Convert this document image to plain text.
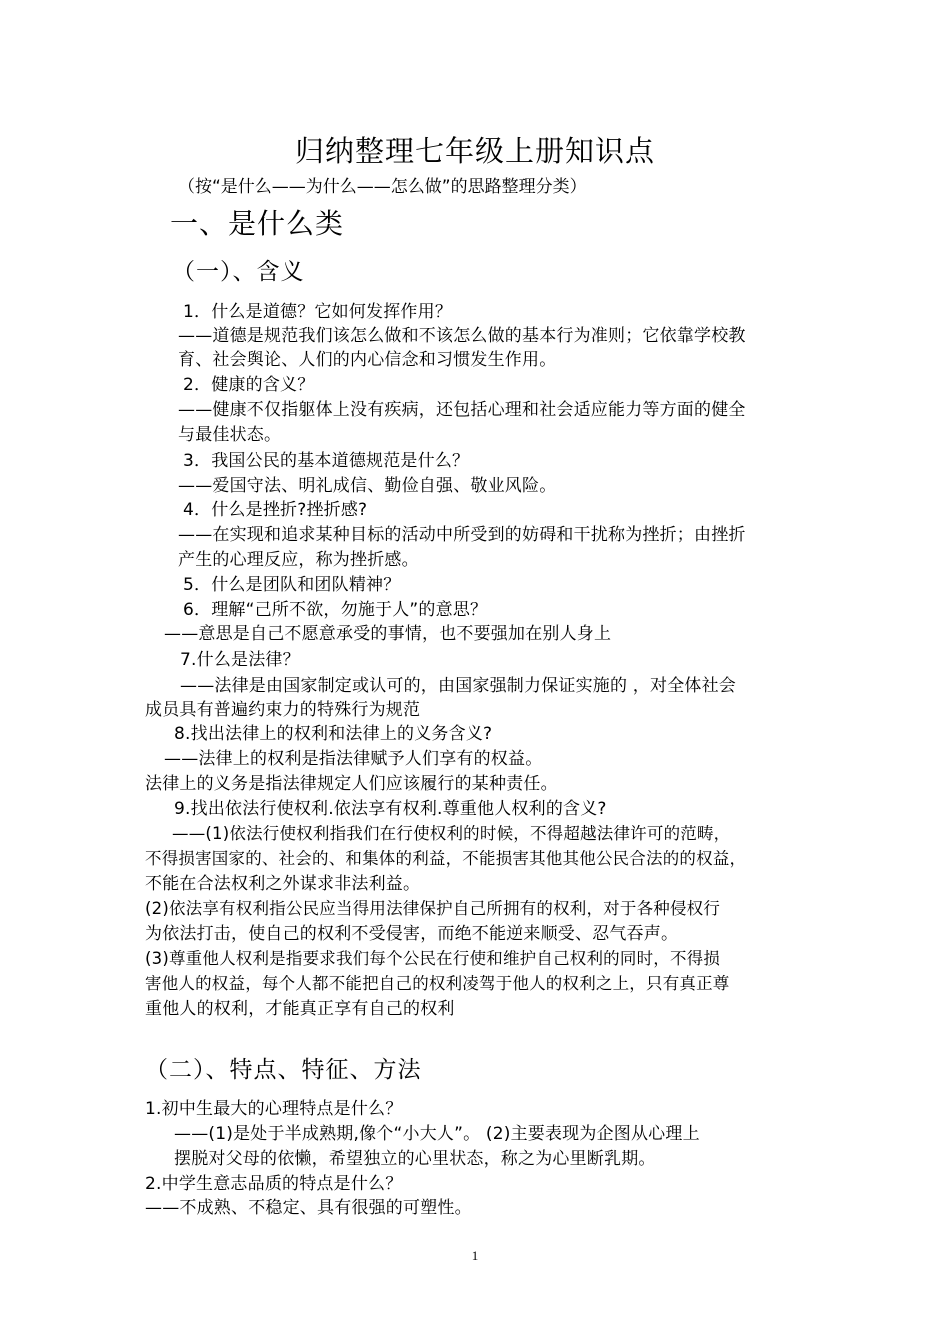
归纳整理七年级上册知识点
（按“是什么——为什么——怎么做”的思路整理分类）
一、是什么类
（一）、含义
1．什么是道德？它如何发挥作用？
——道德是规范我们该怎么做和不该怎么做的基本行为准则；它依靠学校教
育、社会舆论、人们的内心信念和习惯发生作用。
2．健康的含义？
——健康不仅指躯体上没有疾病，还包括心理和社会适应能力等方面的健全
与最佳状态。
3．我国公民的基本道德规范是什么？
——爱国守法、明礼成信、勤俭自强、敬业风险。
4．什么是挫折?挫折感?
——在实现和追求某种目标的活动中所受到的妨碍和干扰称为挫折；由挫折
产生的心理反应，称为挫折感。
5．什么是团队和团队精神？
6．理解“己所不欲，勿施于人”的意思？
——意思是自己不愿意承受的事情，也不要强加在别人身上
7.什么是法律？
——法律是由国家制定或认可的，由国家强制力保证实施的 ，对全体社会
成员具有普遍约束力的特殊行为规范
8.找出法律上的权利和法律上的义务含义?
——法律上的权利是指法律赋予人们享有的权益。
法律上的义务是指法律规定人们应该履行的某种责任。
9.找出依法行使权利.依法享有权利.尊重他人权利的含义?
——(1)依法行使权利指我们在行使权利的时候，不得超越法律许可的范畴，
不得损害国家的、社会的、和集体的利益，不能损害其他其他公民合法的的权益，
不能在合法权利之外谋求非法利益。
(2)依法享有权利指公民应当得用法律保护自己所拥有的权利，对于各种侵权行
为依法打击，使自己的权利不受侵害，而绝不能逆来顺受、忍气吞声。
(3)尊重他人权利是指要求我们每个公民在行使和维护自己权利的同时，不得损
害他人的权益，每个人都不能把自己的权利凌驾于他人的权利之上，只有真正尊
重他人的权利，才能真正享有自己的权利
（二）、特点、特征、方法
1.初中生最大的心理特点是什么？
——(1)是处于半成熟期,像个“小大人”。 (2)主要表现为企图从心理上
摆脱对父母的依懒，希望独立的心里状态，称之为心里断乳期。
2.中学生意志品质的特点是什么？
——不成熟、不稳定、具有很强的可塑性。
1
